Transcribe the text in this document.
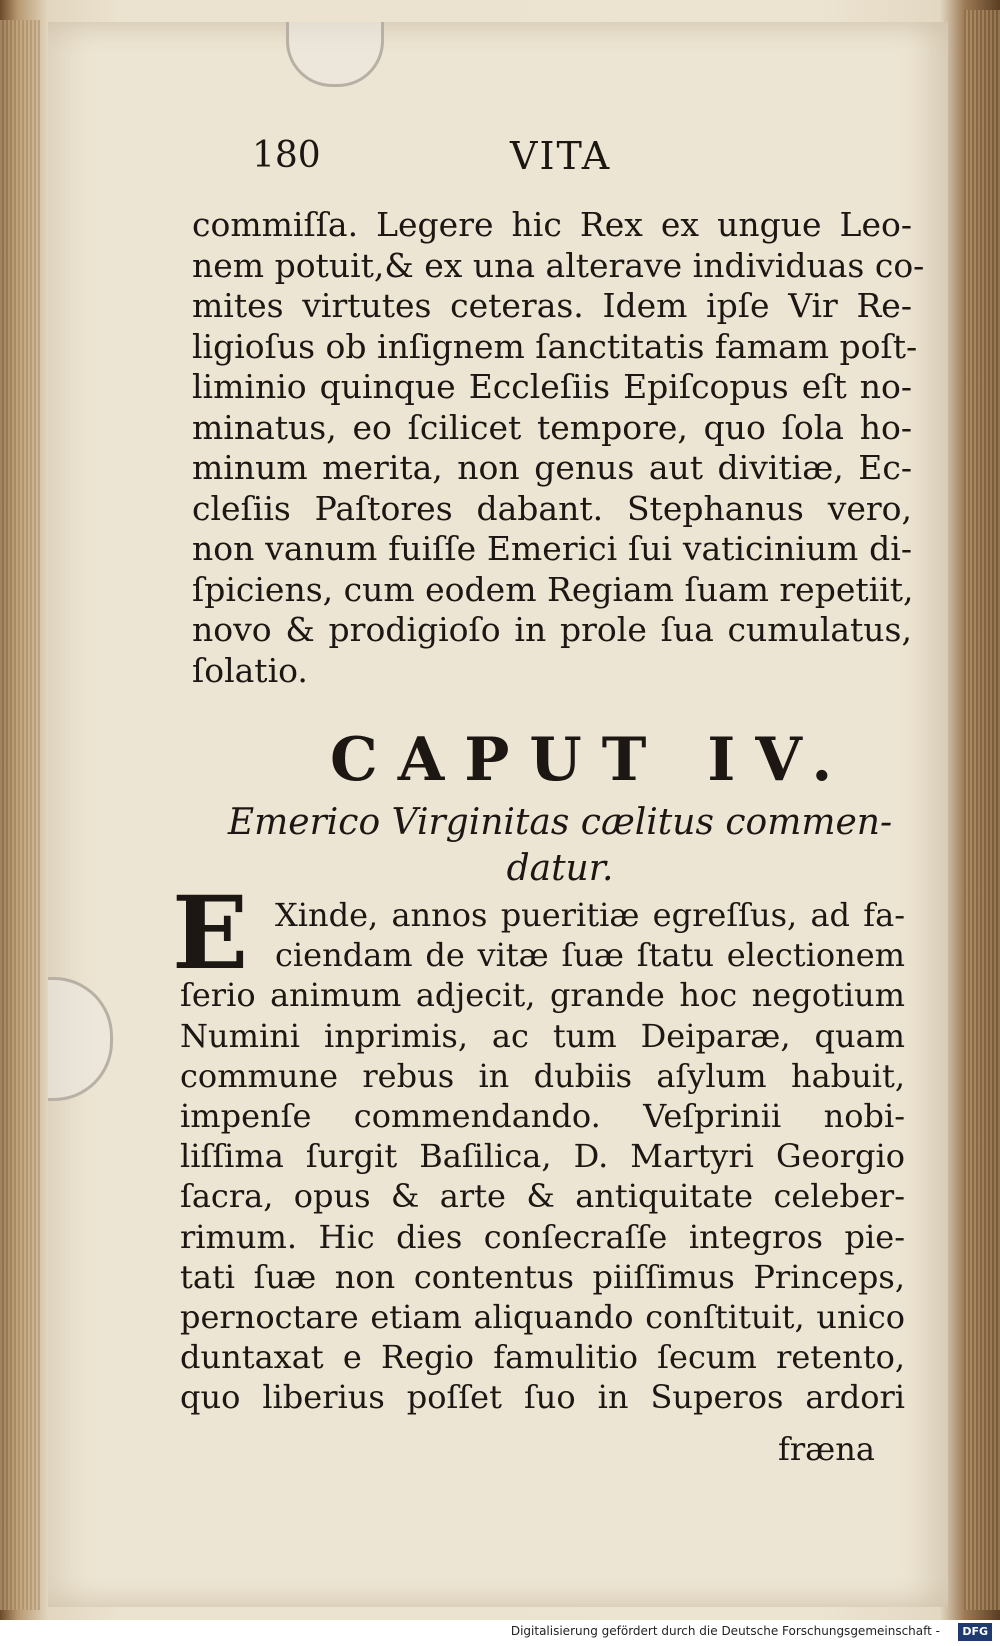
180	VITA
commiſſa. Legere hic Rex ex ungue Leo-
nem potuit,& ex una alterave individuas co-
mites virtutes ceteras. Idem ipſe Vir Re-
ligioſus ob inſignem ſanctitatis famam poſt-
liminio quinque Eccleſiis Epiſcopus eſt no-
minatus, eo ſcilicet tempore, quo ſola ho-
minum merita, non genus aut divitiæ, Ec-
cleſiis Paſtores dabant. Stephanus vero,
non vanum fuiſſe Emerici ſui vaticinium di-
ſpiciens, cum eodem Regiam ſuam repetiit,
novo & prodigioſo in prole ſua cumulatus,
ſolatio.
CAPUT IV.
Emerico Virginitas cælitus commen-datur.
E Xinde, annos pueritiæ egreſſus, ad fa-
ciendam de vitæ ſuæ ſtatu electionem
ſerio animum adjecit, grande hoc negotium
Numini inprimis, ac tum Deiparæ, quam
commune rebus in dubiis aſylum habuit,
impenſe commendando. Veſprinii nobi-
liſſima ſurgit Baſilica, D. Martyri Georgio
ſacra, opus & arte & antiquitate celeber-
rimum. Hic dies conſecraſſe integros pie-
tati ſuæ non contentus piiſſimus Princeps,
pernoctare etiam aliquando conſtituit, unico
duntaxat e Regio famulitio ſecum retento,
quo liberius poſſet ſuo in Superos ardori
fræna
Digitalisierung gefördert durch die Deutsche Forschungsgemeinschaft -	DFG
